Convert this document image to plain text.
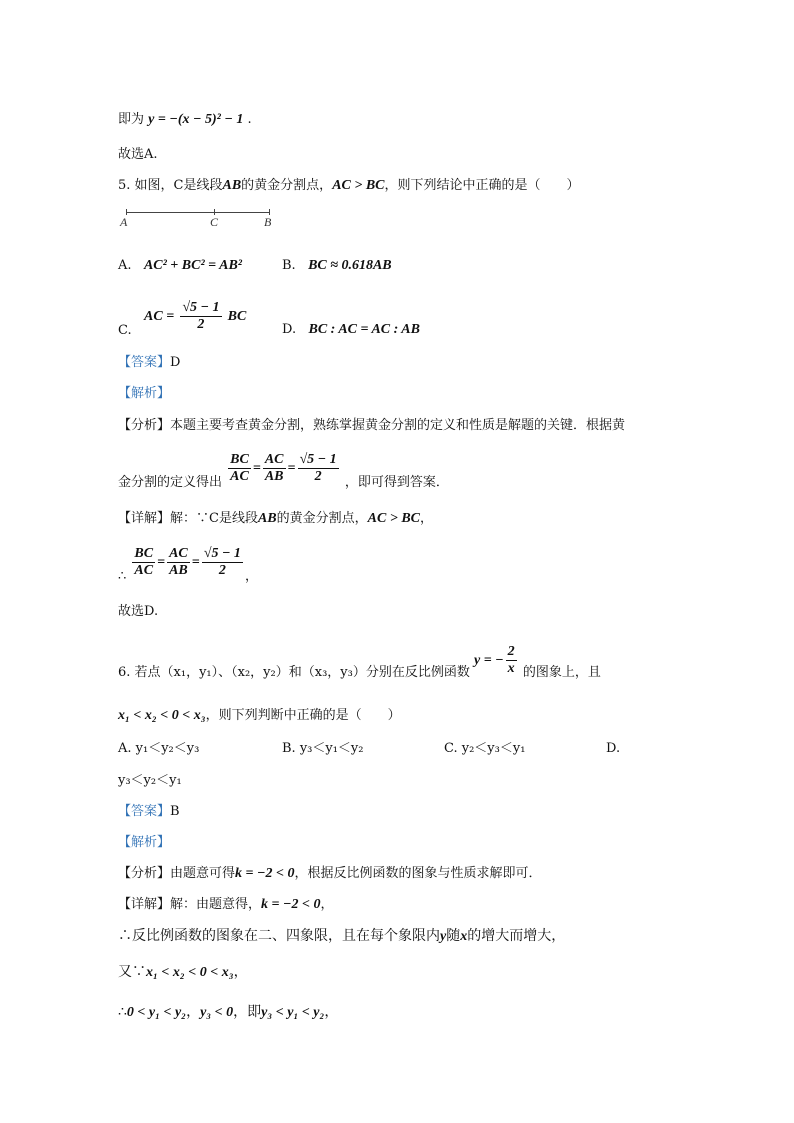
即为 y = −(x − 5)² − 1 .
故选A.
5. 如图，C是线段AB的黄金分割点，AC > BC，则下列结论中正确的是（　　）
A	C	B
A. AC² + BC² = AB²	B. BC ≈ 0.618AB
C.   AC = $\frac{√5 - 1}{2}$ BC
D. BC : AC = AC : AB
【答案】D
【解析】
【分析】本题主要考查黄金分割，熟练掌握黄金分割的定义和性质是解题的关键．根据黄
金分割的定义得出 $\frac{BC}{AC} = \frac{AC}{AB} = \frac{√5 - 1}{2}$ ，即可得到答案．
【详解】解：∵C是线段AB的黄金分割点，AC > BC，
∴ $\frac{BC}{AC} = \frac{AC}{AB} = \frac{√5 - 1}{2}$ ，
故选D.
6. 若点（x₁，y₁）、（x₂，y₂）和（x₃，y₃）分别在反比例函数 y = − $\frac{2}{x}$ 的图象上，且
x₁ < x₂ < 0 < x₃，则下列判断中正确的是（　　）
A. y₁＜y₂＜y₃	B. y₃＜y₁＜y₂	C. y₂＜y₃＜y₁	D.
y₃＜y₂＜y₁
【答案】B
【解析】
【分析】由题意可得k = −2 < 0，根据反比例函数的图象与性质求解即可．
【详解】解：由题意得，k = −2 < 0，
∴反比例函数的图象在二、四象限，且在每个象限内y随x的增大而增大，
又∵x₁ < x₂ < 0 < x₃，
∴0 < y₁ < y₂，y₃ < 0，即y₃ < y₁ < y₂，
